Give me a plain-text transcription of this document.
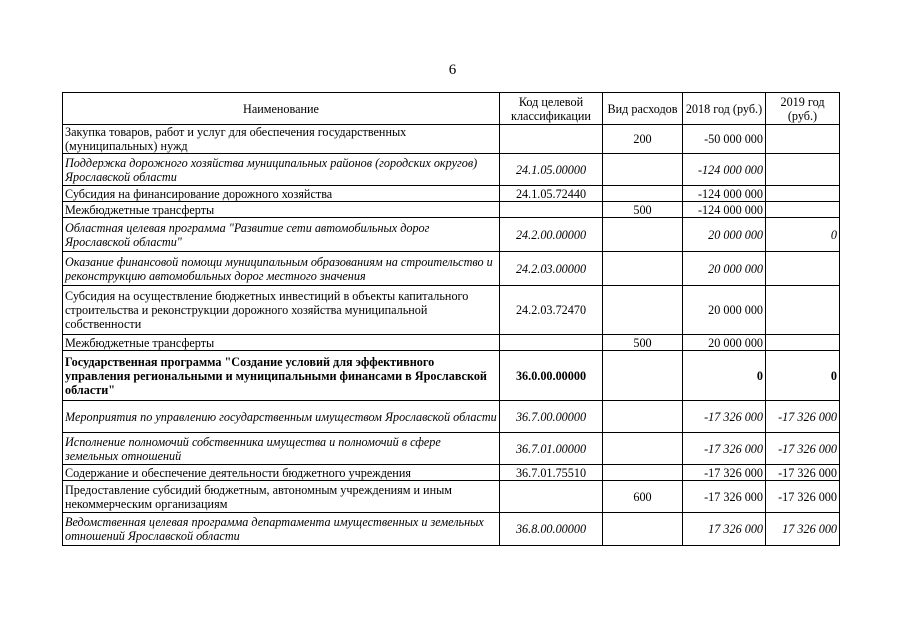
6
Наименование	Код целевой классификации	Вид расходов	2018 год (руб.)	2019 год (руб.)
Закупка товаров, работ и услуг для обеспечения государственных (муниципальных) нужд		200	-50 000 000	
Поддержка дорожного хозяйства муниципальных районов (городских округов) Ярославской области	24.1.05.00000		-124 000 000	
Субсидия на финансирование дорожного хозяйства	24.1.05.72440		-124 000 000	
Межбюджетные трансферты		500	-124 000 000	
Областная целевая программа "Развитие сети автомобильных дорог Ярославской области"	24.2.00.00000		20 000 000	0
Оказание финансовой помощи муниципальным образованиям на строительство и реконструкцию автомобильных дорог местного значения	24.2.03.00000		20 000 000	
Субсидия на осуществление бюджетных инвестиций в объекты капитального строительства и реконструкции дорожного хозяйства муниципальной собственности	24.2.03.72470		20 000 000	
Межбюджетные трансферты		500	20 000 000	
Государственная программа "Создание условий для эффективного управления региональными и муниципальными финансами в Ярославской области"	36.0.00.00000		0	0
Мероприятия по управлению государственным имуществом Ярославской области	36.7.00.00000		-17 326 000	-17 326 000
Исполнение полномочий собственника имущества и полномочий в сфере земельных отношений	36.7.01.00000		-17 326 000	-17 326 000
Содержание и обеспечение деятельности бюджетного учреждения	36.7.01.75510		-17 326 000	-17 326 000
Предоставление субсидий бюджетным, автономным учреждениям и иным некоммерческим организациям		600	-17 326 000	-17 326 000
Ведомственная целевая программа департамента имущественных и земельных отношений Ярославской области	36.8.00.00000		17 326 000	17 326 000
